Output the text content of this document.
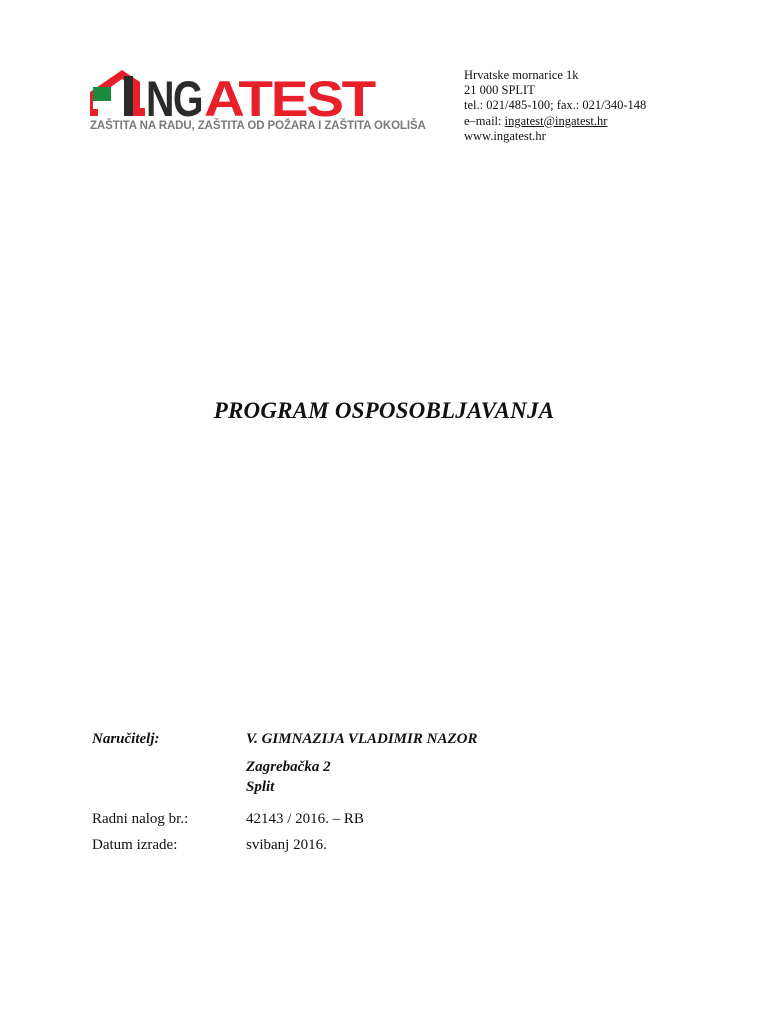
NG ATEST
ZAŠTITA NA RADU, ZAŠTITA OD POŽARA I ZAŠTITA OKOLIŠA
Hrvatske mornarice 1k
21 000 SPLIT
tel.: 021/485-100; fax.: 021/340-148
e–mail: ingatest@ingatest.hr
www.ingatest.hr
PROGRAM OSPOSOBLJAVANJA
Naručitelj:	V. GIMNAZIJA VLADIMIR NAZOR
Zagrebačka 2
Split
Radni nalog br.:	42143 / 2016. – RB
Datum izrade:	svibanj 2016.
